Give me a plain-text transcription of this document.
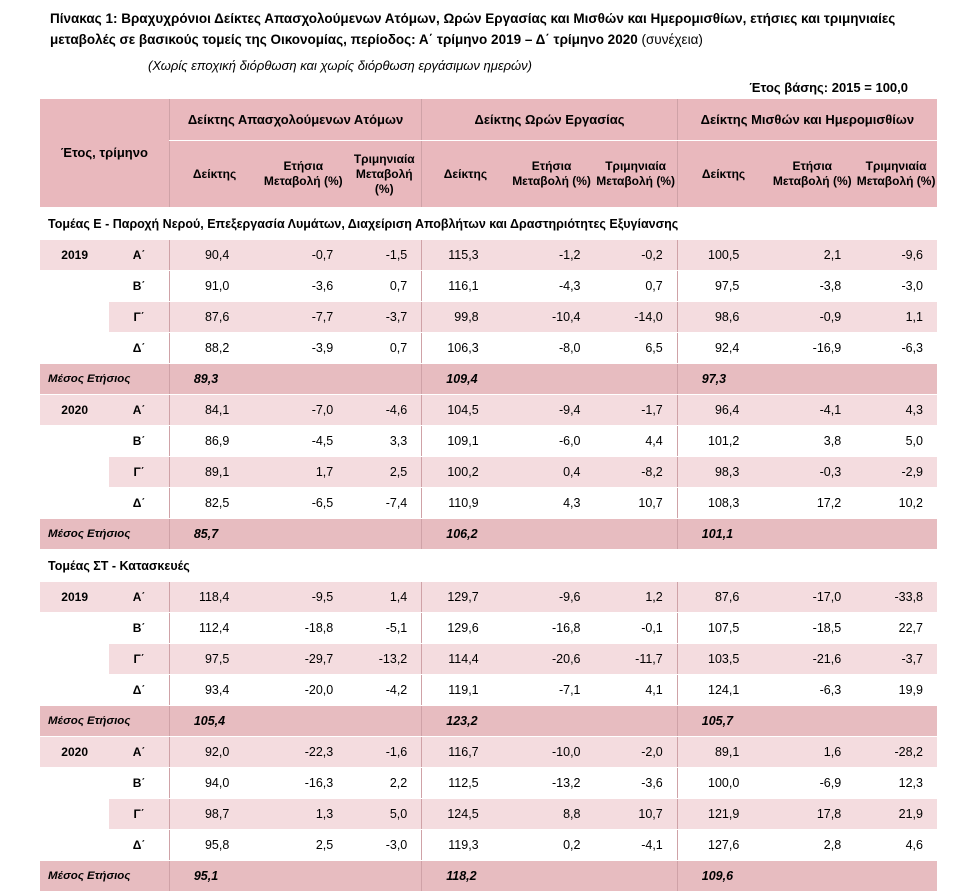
Πίνακας 1: Βραχυχρόνιοι Δείκτες Απασχολούμενων Ατόμων, Ωρών Εργασίας και Μισθών και Ημερομισθίων, ετήσιες και τριμηνιαίες μεταβολές σε βασικούς τομείς της Οικονομίας, περίοδος: Α΄ τρίμηνο 2019 – Δ΄ τρίμηνο 2020 (συνέχεια)
(Χωρίς εποχική διόρθωση και χωρίς διόρθωση εργάσιμων ημερών)
Έτος βάσης: 2015 = 100,0
Έτος, τρίμηνο		Δείκτης Απασχολούμενων Ατόμων			Δείκτης Ωρών Εργασίας			Δείκτης Μισθών και Ημερομισθίων		
		Δείκτης	Ετήσια Μεταβολή (%)	Τριμηνιαία Μεταβολή (%)	Δείκτης	Ετήσια Μεταβολή (%)	Τριμηνιαία Μεταβολή (%)	Δείκτης	Ετήσια Μεταβολή (%)	Τριμηνιαία Μεταβολή (%)
Τομέας Ε - Παροχή Νερού, Επεξεργασία Λυμάτων, Διαχείριση Αποβλήτων και Δραστηριότητες Εξυγίανσης										
2019	Α΄	90,4	-0,7	-1,5	115,3	-1,2	-0,2	100,5	2,1	-9,6
	Β΄	91,0	-3,6	0,7	116,1	-4,3	0,7	97,5	-3,8	-3,0
	Γ΄	87,6	-7,7	-3,7	99,8	-10,4	-14,0	98,6	-0,9	1,1
	Δ΄	88,2	-3,9	0,7	106,3	-8,0	6,5	92,4	-16,9	-6,3
Μέσος Ετήσιος		89,3			109,4			97,3		
2020	Α΄	84,1	-7,0	-4,6	104,5	-9,4	-1,7	96,4	-4,1	4,3
	Β΄	86,9	-4,5	3,3	109,1	-6,0	4,4	101,2	3,8	5,0
	Γ΄	89,1	1,7	2,5	100,2	0,4	-8,2	98,3	-0,3	-2,9
	Δ΄	82,5	-6,5	-7,4	110,9	4,3	10,7	108,3	17,2	10,2
Μέσος Ετήσιος		85,7			106,2			101,1		
Τομέας ΣΤ - Κατασκευές										
2019	Α΄	118,4	-9,5	1,4	129,7	-9,6	1,2	87,6	-17,0	-33,8
	Β΄	112,4	-18,8	-5,1	129,6	-16,8	-0,1	107,5	-18,5	22,7
	Γ΄	97,5	-29,7	-13,2	114,4	-20,6	-11,7	103,5	-21,6	-3,7
	Δ΄	93,4	-20,0	-4,2	119,1	-7,1	4,1	124,1	-6,3	19,9
Μέσος Ετήσιος		105,4			123,2			105,7		
2020	Α΄	92,0	-22,3	-1,6	116,7	-10,0	-2,0	89,1	1,6	-28,2
	Β΄	94,0	-16,3	2,2	112,5	-13,2	-3,6	100,0	-6,9	12,3
	Γ΄	98,7	1,3	5,0	124,5	8,8	10,7	121,9	17,8	21,9
	Δ΄	95,8	2,5	-3,0	119,3	0,2	-4,1	127,6	2,8	4,6
Μέσος Ετήσιος		95,1			118,2			109,6		
